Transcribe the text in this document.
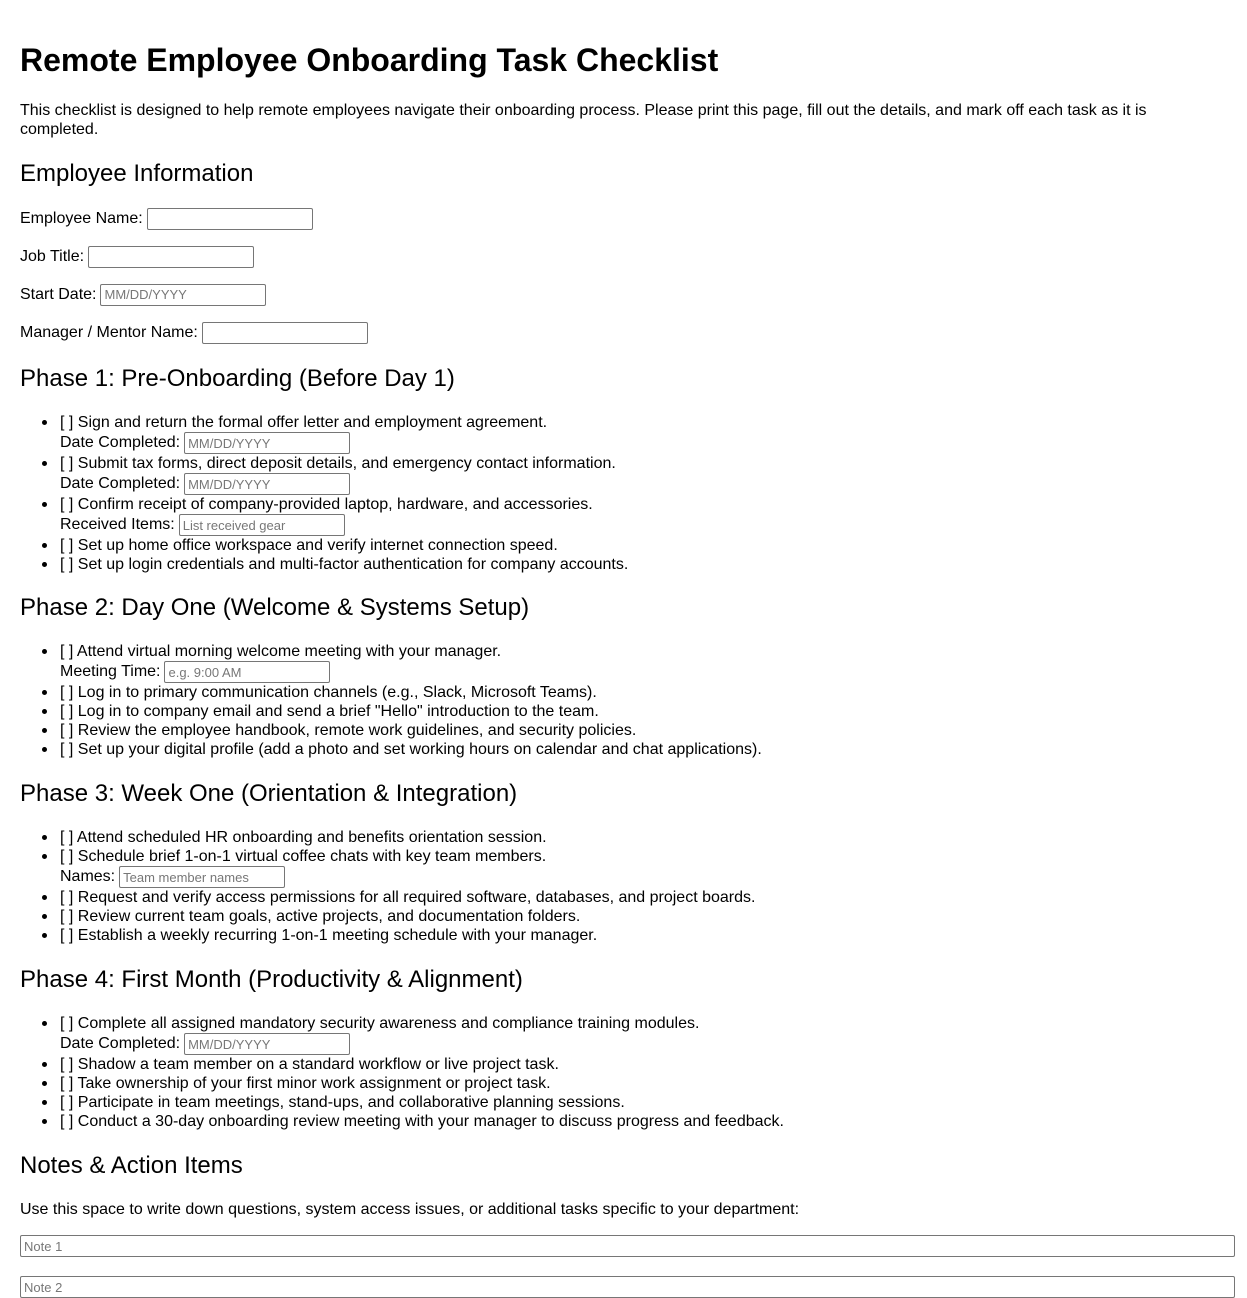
Remote Employee Onboarding Task Checklist

This checklist is designed to help remote employees navigate their onboarding process. Please print this page, fill out the details, and mark off each task as it is completed.

Employee Information
Employee Name:
Job Title:
Start Date:MM/DD/YYYY
Manager / Mentor Name:
Phase 1: Pre-Onboarding (Before Day 1)
[ ] Sign and return the formal offer letter and employment agreement.
Date Completed:MM/DD/YYYY
[ ] Submit tax forms, direct deposit details, and emergency contact information.
Date Completed:MM/DD/YYYY
[ ] Confirm receipt of company-provided laptop, hardware, and accessories.
Received Items:List received gear
[ ] Set up home office workspace and verify internet connection speed.
[ ] Set up login credentials and multi-factor authentication for company accounts.
Phase 2: Day One (Welcome & Systems Setup)
[ ] Attend virtual morning welcome meeting with your manager.
Meeting Time:e.g. 9:00 AM
[ ] Log in to primary communication channels (e.g., Slack, Microsoft Teams).
[ ] Log in to company email and send a brief "Hello" introduction to the team.
[ ] Review the employee handbook, remote work guidelines, and security policies.
[ ] Set up your digital profile (add a photo and set working hours on calendar and chat applications).
Phase 3: Week One (Orientation & Integration)
[ ] Attend scheduled HR onboarding and benefits orientation session.
[ ] Schedule brief 1-on-1 virtual coffee chats with key team members.
Names:Team member names
[ ] Request and verify access permissions for all required software, databases, and project boards.
[ ] Review current team goals, active projects, and documentation folders.
[ ] Establish a weekly recurring 1-on-1 meeting schedule with your manager.
Phase 4: First Month (Productivity & Alignment)
[ ] Complete all assigned mandatory security awareness and compliance training modules.
Date Completed:MM/DD/YYYY
[ ] Shadow a team member on a standard workflow or live project task.
[ ] Take ownership of your first minor work assignment or project task.
[ ] Participate in team meetings, stand-ups, and collaborative planning sessions.
[ ] Conduct a 30-day onboarding review meeting with your manager to discuss progress and feedback.
Notes & Action Items

Use this space to write down questions, system access issues, or additional tasks specific to your department:

Note 1
Note 2
